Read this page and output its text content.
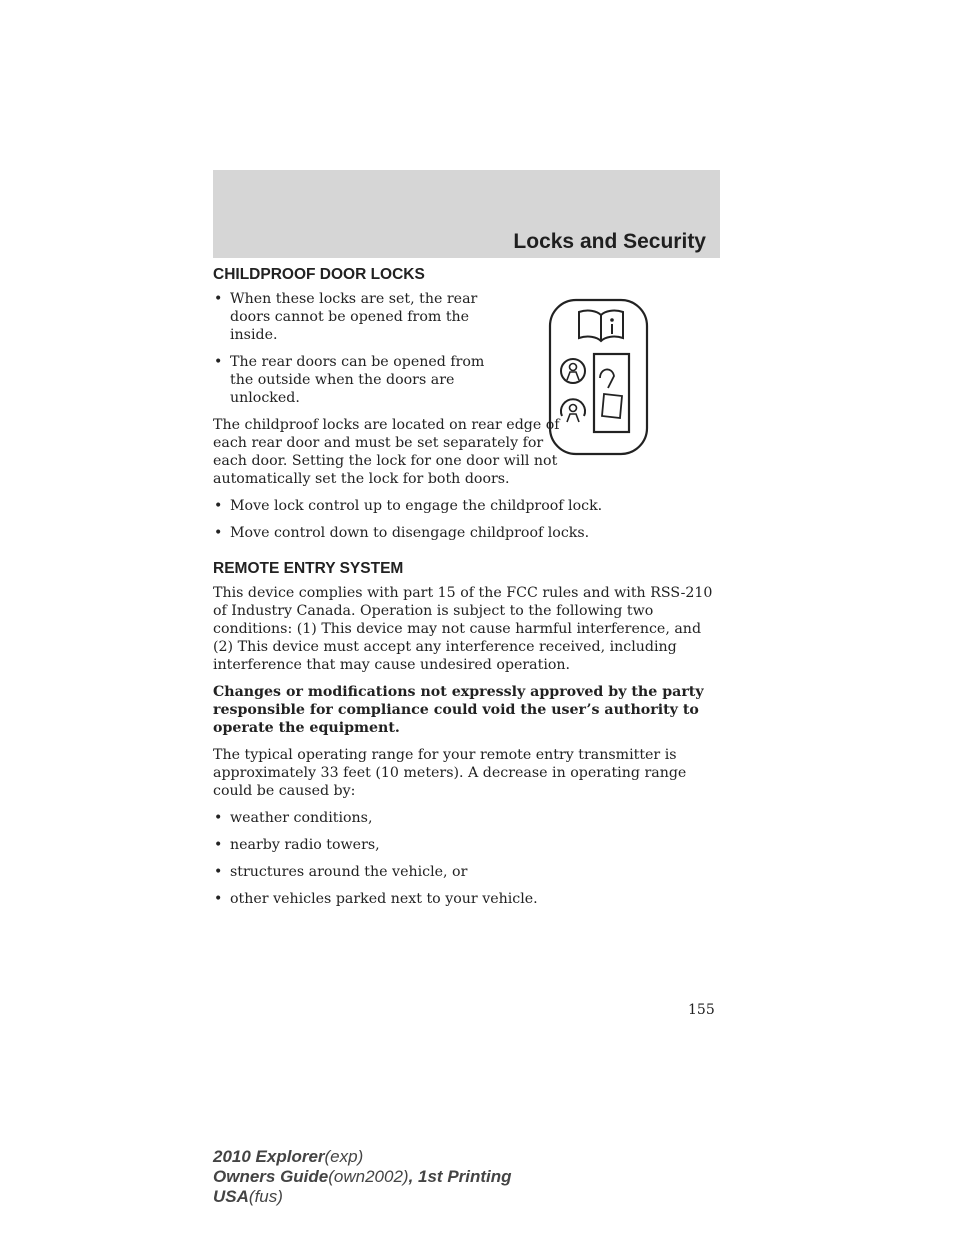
Locks and Security
CHILDPROOF DOOR LOCKS
• When these locks are set, the rear doors cannot be opened from the inside.
• The rear doors can be opened from the outside when the doors are unlocked.

The childproof locks are located on rear edge of each rear door and must be set separately for each door. Setting the lock for one door will not automatically set the lock for both doors.

• Move lock control up to engage the childproof lock.
• Move control down to disengage childproof locks.
REMOTE ENTRY SYSTEM

This device complies with part 15 of the FCC rules and with RSS-210 of Industry Canada. Operation is subject to the following two conditions: (1) This device may not cause harmful interference, and (2) This device must accept any interference received, including interference that may cause undesired operation.

Changes or modifications not expressly approved by the party responsible for compliance could void the user’s authority to operate the equipment.

The typical operating range for your remote entry transmitter is approximately 33 feet (10 meters). A decrease in operating range could be caused by:

• weather conditions,
• nearby radio towers,
• structures around the vehicle, or
• other vehicles parked next to your vehicle.
155
2010 Explorer(exp)
Owners Guide(own2002), 1st Printing
USA(fus)
